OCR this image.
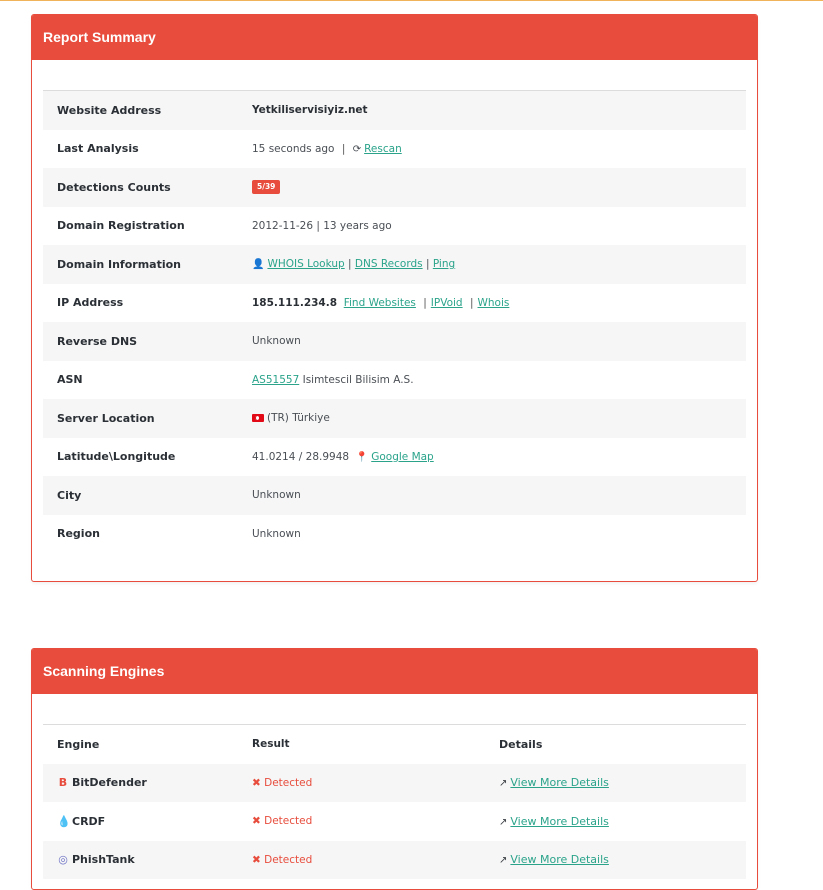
Report Summary
Website Address	Yetkiliservisiyiz.net
Last Analysis	15 seconds ago | ⟳ Rescan
Detections Counts	5/39
Domain Registration	2012-11-26 | 13 years ago
Domain Information	👤 WHOIS Lookup | DNS Records | Ping
IP Address	185.111.234.8 Find Websites | IPVoid | Whois
Reverse DNS	Unknown
ASN	AS51557 Isimtescil Bilisim A.S.
Server Location	(TR) Türkiye
Latitude\Longitude	41.0214 / 28.9948 📍 Google Map
City	Unknown
Region	Unknown
Scanning Engines
Engine	Result	Details
B BitDefender	✖ Detected	↗ View More Details
💧CRDF	✖ Detected	↗ View More Details
◎ PhishTank	✖ Detected	↗ View More Details
